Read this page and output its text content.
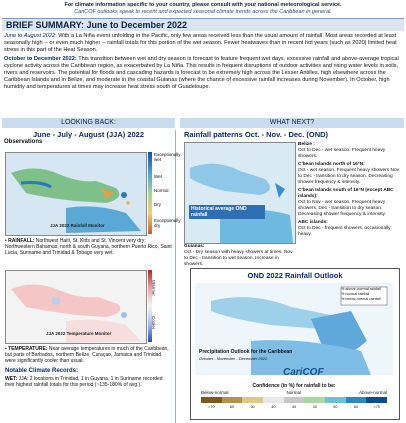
For climate information specific to your country, please consult with your national meteorological service.
CariCOF outlooks speak to recent and expected seasonal climate trends across the Caribbean in general.
BRIEF SUMMARY: June to December 2022
June to August 2022: With a La Niña event unfolding in the Pacific, only few areas received less than the usual amount of rainfall. Most areas recorded at least seasonally high -- or even much higher -- rainfall totals for this portion of the wet season. Fewer heatwaves than in recent hot years (such as 2020) limited heat stress in this part of the Heat Season.
October to December 2022: This transition between wet and dry season is forecast to feature frequent wet days, excessive rainfall and above-average tropical cyclone activity across the Caribbean region, as exacerbated by La Niña. This results in frequent disruptions of outdoor activities and rising water levels in soils, rivers and reservoirs. The potential for floods and cascading hazards is forecast to be extremely high across the Lesser Antilles, high elsewhere across the Caribbean Islands and in Belize, and moderate in the coastal Guianas (where the chance of excessive rainfall increases during November). In October, high humidity and temperatures at times may increase heat stress south of Guadeloupe.
LOOKING BACK:	WHAT NEXT?
June - July - August (JJA) 2022
Observations
JJA 2022 Rainfall Monitor
Exceptionally wet
Wet
Normal
Dry
Exceptionally dry
• RAINFALL: Northwest Haiti, St. Kitts and St. Vincent very dry; Northwestern Bahamas, north & south Guyana, northern Puerto Rico, Saint Lucia, Suriname and Trinidad & Tobago very wet.
JJA 2022 Temperature Monitor
Warmer
Cooler
• TEMPERATURE: Near average temperatures in much of the Caribbean, but parts of Barbados, northern Belize, Curaçao, Jamaica and Trinidad were significantly cooler than usual.
Notable Climate Records:
WET: JJA: 2 locations in Trinidad, 1 in Guyana, 1 in Suriname recorded their highest rainfall totals for this period (~135-180% of avg.).
Rainfall patterns Oct. - Nov. - Dec. (OND)
Historical average OND rainfall
Belize :
Oct to Dec - wet season. Frequent heavy showers.
C'bean Islands north of 16°N:
Oct - wet season. Frequent heavy showers Nov to Dec - transition to dry season. Decreasing shower frequency & intensity.
C'bean Islands south of 16°N (except ABC islands):
Oct to Nov - wet season. Frequent heavy showers. Dec - transition to dry season. Decreasing shower frequency & intensity.
ABC islands:
Oct to Dec - frequent showers, occasionally heavy.
Guianas:
Oct - Dry season with heavy showers at times. Nov to Dec - transition to wet season. Increase in showers.
OND 2022 Rainfall Outlook
% above-normal rainfall
% normal rainfall
% below-normal rainfall
Precipitation Outlook for the Caribbean
October - November - December 2022
CariCOF
Confidence (in %) for rainfall to be:
Below-normal	Normal	Above-normal
>70	60	50	40	40	40	50	60	>70
